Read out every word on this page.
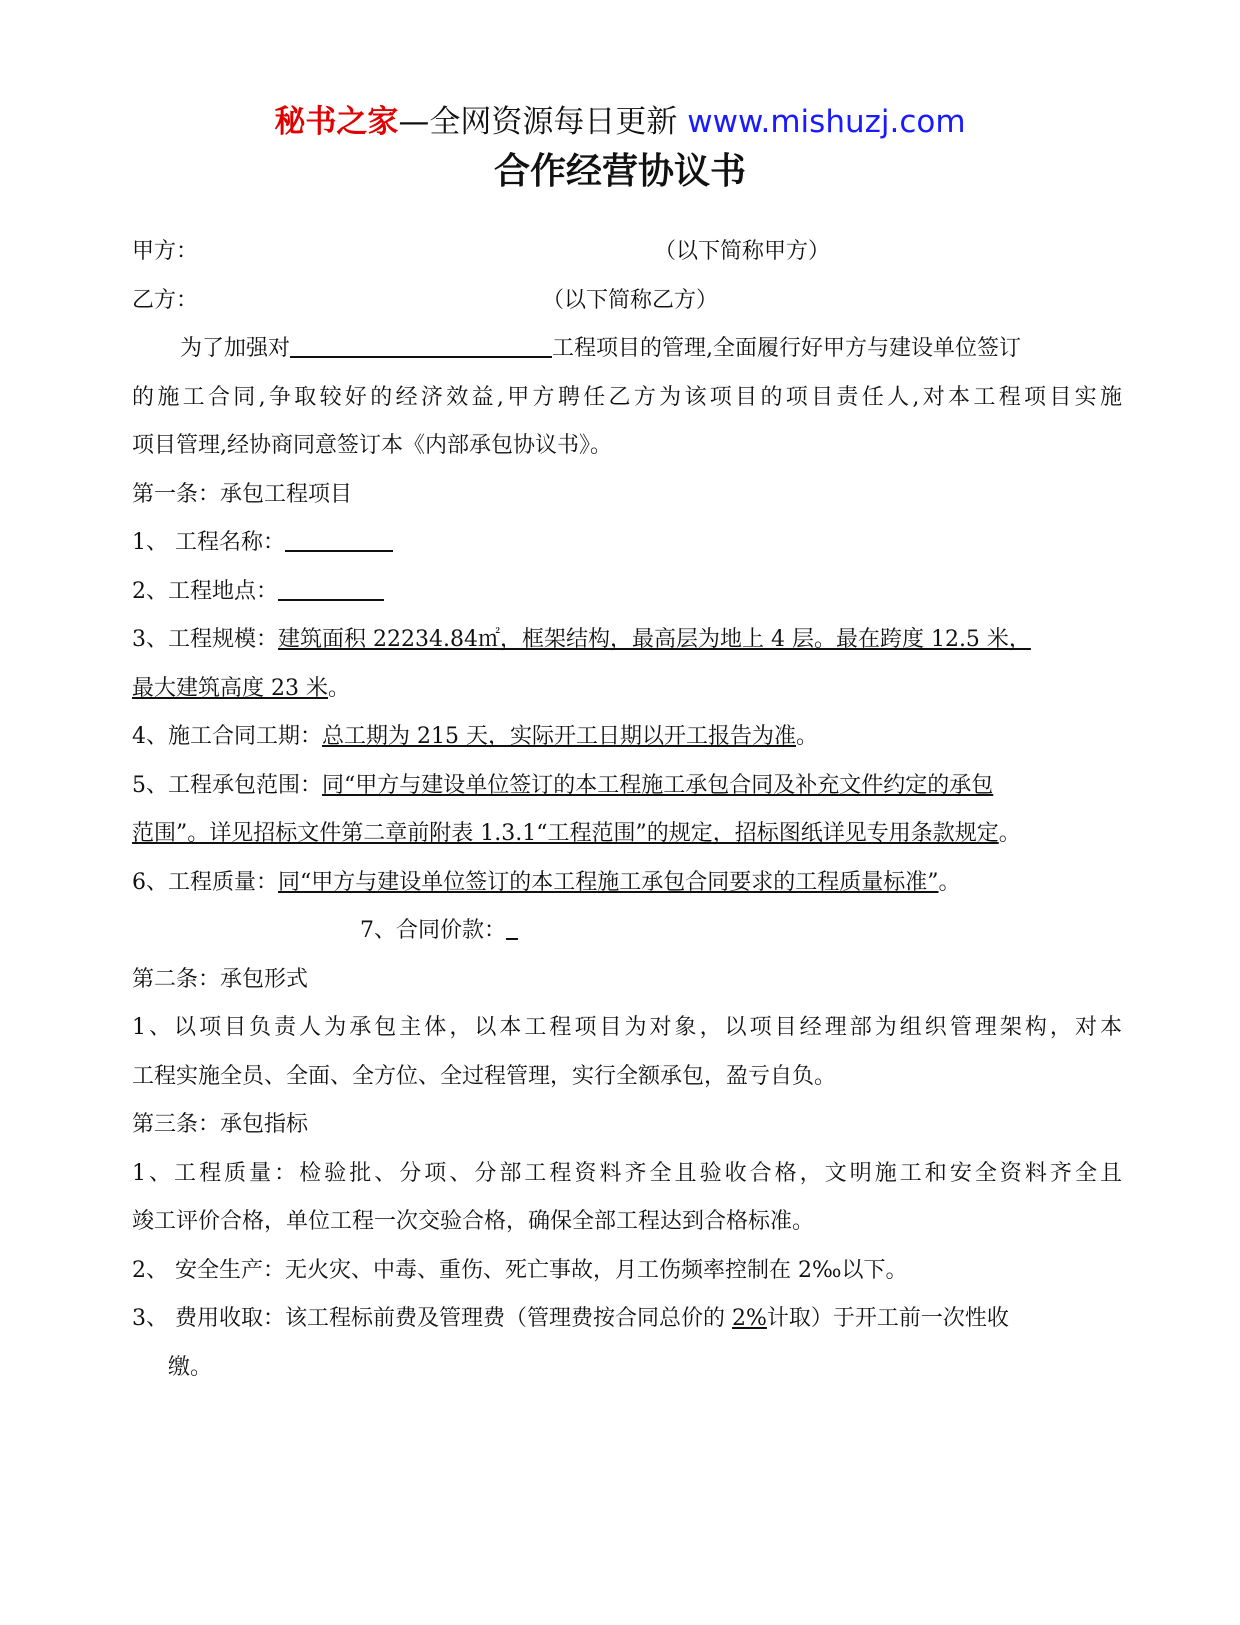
秘书之家—全网资源每日更新 www.mishuzj.com
合作经营协议书
甲方：	（以下简称甲方）
乙方：	（以下简称乙方）
为了加强对	工程项目的管理,全面履行好甲方与建设单位签订
的施工合同,争取较好的经济效益,甲方聘任乙方为该项目的项目责任人,对本工程项目实施
项目管理,经协商同意签订本《内部承包协议书》。
第一条：承包工程项目
1、 工程名称：
2、工程地点：
3、工程规模：建筑面积 22234.84㎡，框架结构，最高层为地上 4 层。最在跨度 12.5 米，
最大建筑高度 23 米。
4、施工合同工期：总工期为 215 天，实际开工日期以开工报告为准。
5、工程承包范围：同“甲方与建设单位签订的本工程施工承包合同及补充文件约定的承包
范围”。详见招标文件第二章前附表 1.3.1“工程范围”的规定，招标图纸详见专用条款规定。
6、工程质量：同“甲方与建设单位签订的本工程施工承包合同要求的工程质量标准”。
7、合同价款：
第二条：承包形式
1、以项目负责人为承包主体，以本工程项目为对象，以项目经理部为组织管理架构，对本
工程实施全员、全面、全方位、全过程管理，实行全额承包，盈亏自负。
第三条：承包指标
1、工程质量：检验批、分项、分部工程资料齐全且验收合格，文明施工和安全资料齐全且
竣工评价合格，单位工程一次交验合格，确保全部工程达到合格标准。
2、 安全生产：无火灾、中毒、重伤、死亡事故，月工伤频率控制在 2‰以下。
3、 费用收取：该工程标前费及管理费（管理费按合同总价的 2%计取）于开工前一次性收
缴。
